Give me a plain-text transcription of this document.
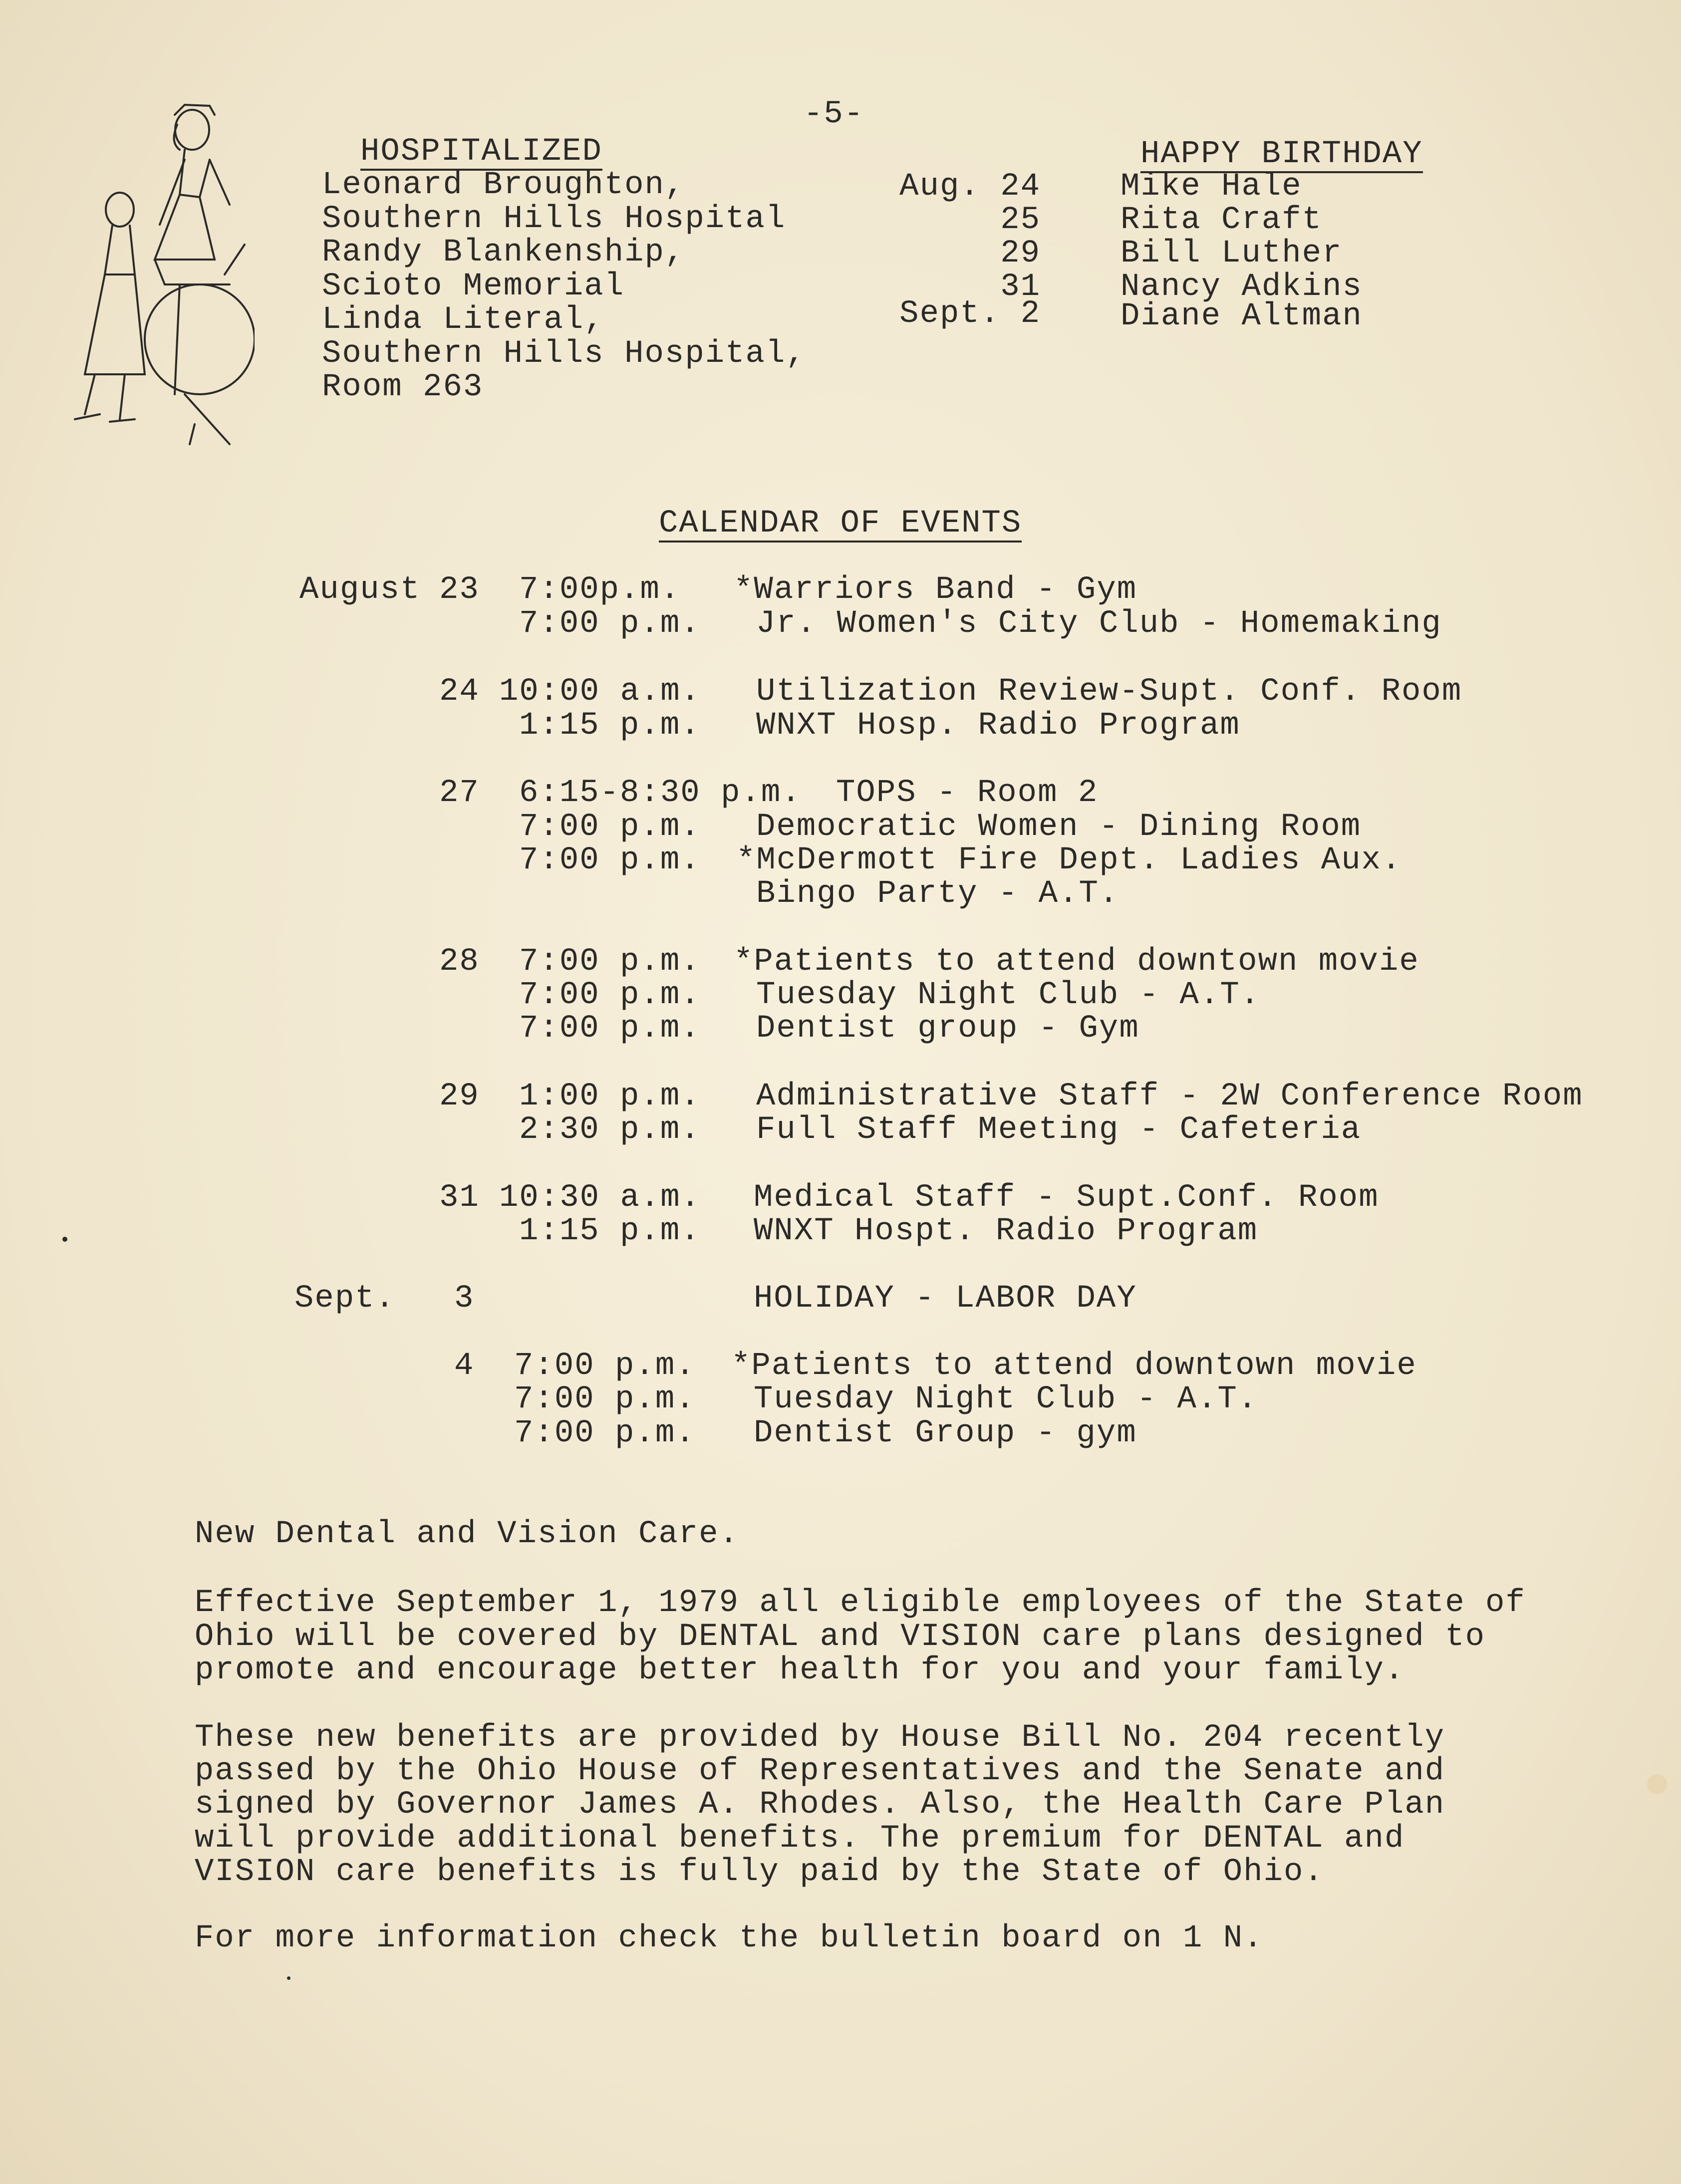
-5-
HOSPITALIZED
Leonard Broughton,
Southern Hills Hospital
Randy Blankenship,
Scioto Memorial
Linda Literal,
Southern Hills Hospital,
Room 263
HAPPY BIRTHDAY
Aug. 24	Mike Hale
25	Rita Craft
29	Bill Luther
31	Nancy Adkins
Sept. 2	Diane Altman
CALENDAR OF EVENTS
August 23 7:00p.m. *Warriors Band - Gym
7:00 p.m. Jr. Women's City Club - Homemaking
24 10:00 a.m. Utilization Review-Supt. Conf. Room
1:15 p.m. WNXT Hosp. Radio Program
27 6:15-8:30 p.m. TOPS - Room 2
7:00 p.m. Democratic Women - Dining Room
7:00 p.m. *McDermott Fire Dept. Ladies Aux.
Bingo Party - A.T.
28 7:00 p.m. *Patients to attend downtown movie
7:00 p.m. Tuesday Night Club - A.T.
7:00 p.m. Dentist group - Gym
29 1:00 p.m. Administrative Staff - 2W Conference Room
2:30 p.m. Full Staff Meeting - Cafeteria
31 10:30 a.m. Medical Staff - Supt.Conf. Room
1:15 p.m. WNXT Hospt. Radio Program
Sept. 3	HOLIDAY - LABOR DAY
4 7:00 p.m. *Patients to attend downtown movie
7:00 p.m. Tuesday Night Club - A.T.
7:00 p.m. Dentist Group - gym
New Dental and Vision Care.
Effective September 1, 1979 all eligible employees of the State of
Ohio will be covered by DENTAL and VISION care plans designed to
promote and encourage better health for you and your family.
These new benefits are provided by House Bill No. 204 recently
passed by the Ohio House of Representatives and the Senate and
signed by Governor James A. Rhodes. Also, the Health Care Plan
will provide additional benefits. The premium for DENTAL and
VISION care benefits is fully paid by the State of Ohio.
For more information check the bulletin board on 1 N.
